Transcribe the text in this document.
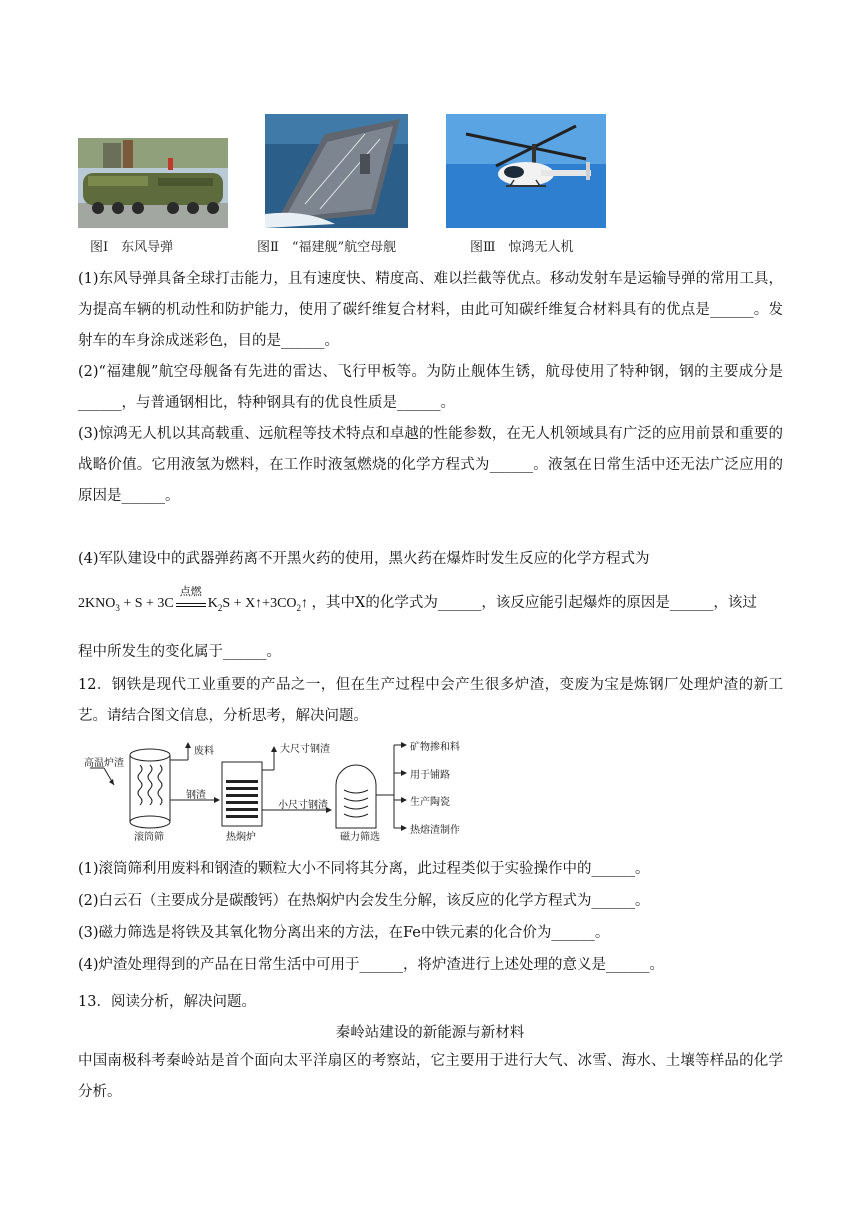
图Ⅰ　东风导弹	图Ⅱ　“福建舰”航空母舰	图Ⅲ　惊鸿无人机
(1)东风导弹具备全球打击能力，且有速度快、精度高、难以拦截等优点。移动发射车是运输导弹的常用工具，为提高车辆的机动性和防护能力，使用了碳纤维复合材料，由此可知碳纤维复合材料具有的优点是______。发射车的车身涂成迷彩色，目的是______。
(2)“福建舰”航空母舰备有先进的雷达、飞行甲板等。为防止舰体生锈，航母使用了特种钢，钢的主要成分是______，与普通钢相比，特种钢具有的优良性质是______。
(3)惊鸿无人机以其高载重、远航程等技术特点和卓越的性能参数，在无人机领域具有广泛的应用前景和重要的战略价值。它用液氢为燃料，在工作时液氢燃烧的化学方程式为______。液氢在日常生活中还无法广泛应用的原因是______。
(4)军队建设中的武器弹药离不开黑火药的使用，黑火药在爆炸时发生反应的化学方程式为
$2KNO_3 + S + 3C$
点燃
$K_2S$ + $X↑+3CO_2↑$ ，其中X的化学式为______，该反应能引起爆炸的原因是______，该过
程中所发生的变化属于______。
12．钢铁是现代工业重要的产品之一，但在生产过程中会产生很多炉渣，变废为宝是炼钢厂处理炉渣的新工艺。请结合图文信息，分析思考，解决问题。
高温炉渣
滚筒筛
废料
钢渣
热焖炉
大尺寸钢渣
小尺寸钢渣
磁力筛选
矿物掺和料
用于铺路
生产陶瓷
热熔渣制作
(1)滚筒筛利用废料和钢渣的颗粒大小不同将其分离，此过程类似于实验操作中的______。
(2)白云石（主要成分是碳酸钙）在热焖炉内会发生分解，该反应的化学方程式为______。
(3)磁力筛选是将铁及其氧化物分离出来的方法，在Fe中铁元素的化合价为______。
(4)炉渣处理得到的产品在日常生活中可用于______，将炉渣进行上述处理的意义是______。
13．阅读分析，解决问题。
秦岭站建设的新能源与新材料
中国南极科考秦岭站是首个面向太平洋扇区的考察站，它主要用于进行大气、冰雪、海水、土壤等样品的化学分析。
